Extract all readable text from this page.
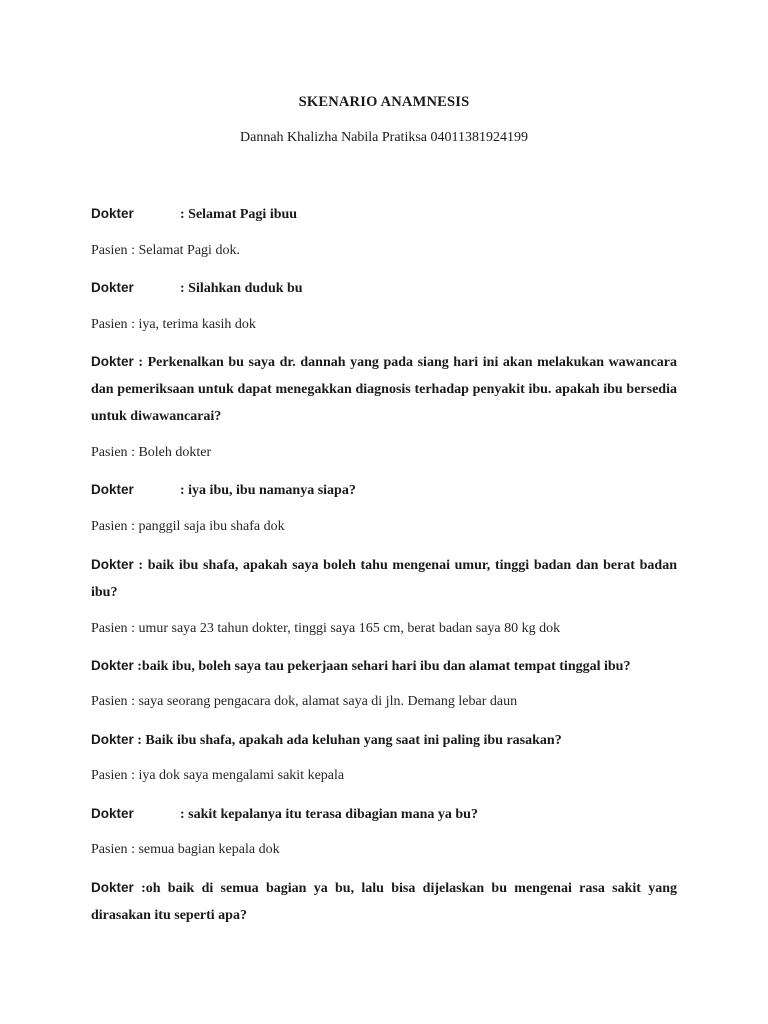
SKENARIO ANAMNESIS
Dannah Khalizha Nabila Pratiksa 04011381924199
Dokter	: Selamat Pagi ibuu
Pasien : Selamat Pagi dok.
Dokter	: Silahkan duduk bu
Pasien : iya, terima kasih dok
Dokter : Perkenalkan bu saya dr. dannah yang pada siang hari ini akan melakukan wawancara dan pemeriksaan untuk dapat menegakkan diagnosis terhadap penyakit ibu. apakah ibu bersedia untuk diwawancarai?
Pasien : Boleh dokter
Dokter	: iya ibu, ibu namanya siapa?
Pasien : panggil saja ibu shafa dok
Dokter : baik ibu shafa, apakah saya boleh tahu mengenai umur, tinggi badan dan berat badan ibu?
Pasien : umur saya 23 tahun dokter, tinggi saya 165 cm, berat badan saya 80 kg dok
Dokter :baik ibu, boleh saya tau pekerjaan sehari hari ibu dan alamat tempat tinggal ibu?
Pasien : saya seorang pengacara dok, alamat saya di jln. Demang lebar daun
Dokter : Baik ibu shafa, apakah ada keluhan yang saat ini paling ibu rasakan?
Pasien : iya dok saya mengalami sakit kepala
Dokter	: sakit kepalanya itu terasa dibagian mana ya bu?
Pasien : semua bagian kepala dok
Dokter :oh baik di semua bagian ya bu, lalu bisa dijelaskan bu mengenai rasa sakit yang dirasakan itu seperti apa?
